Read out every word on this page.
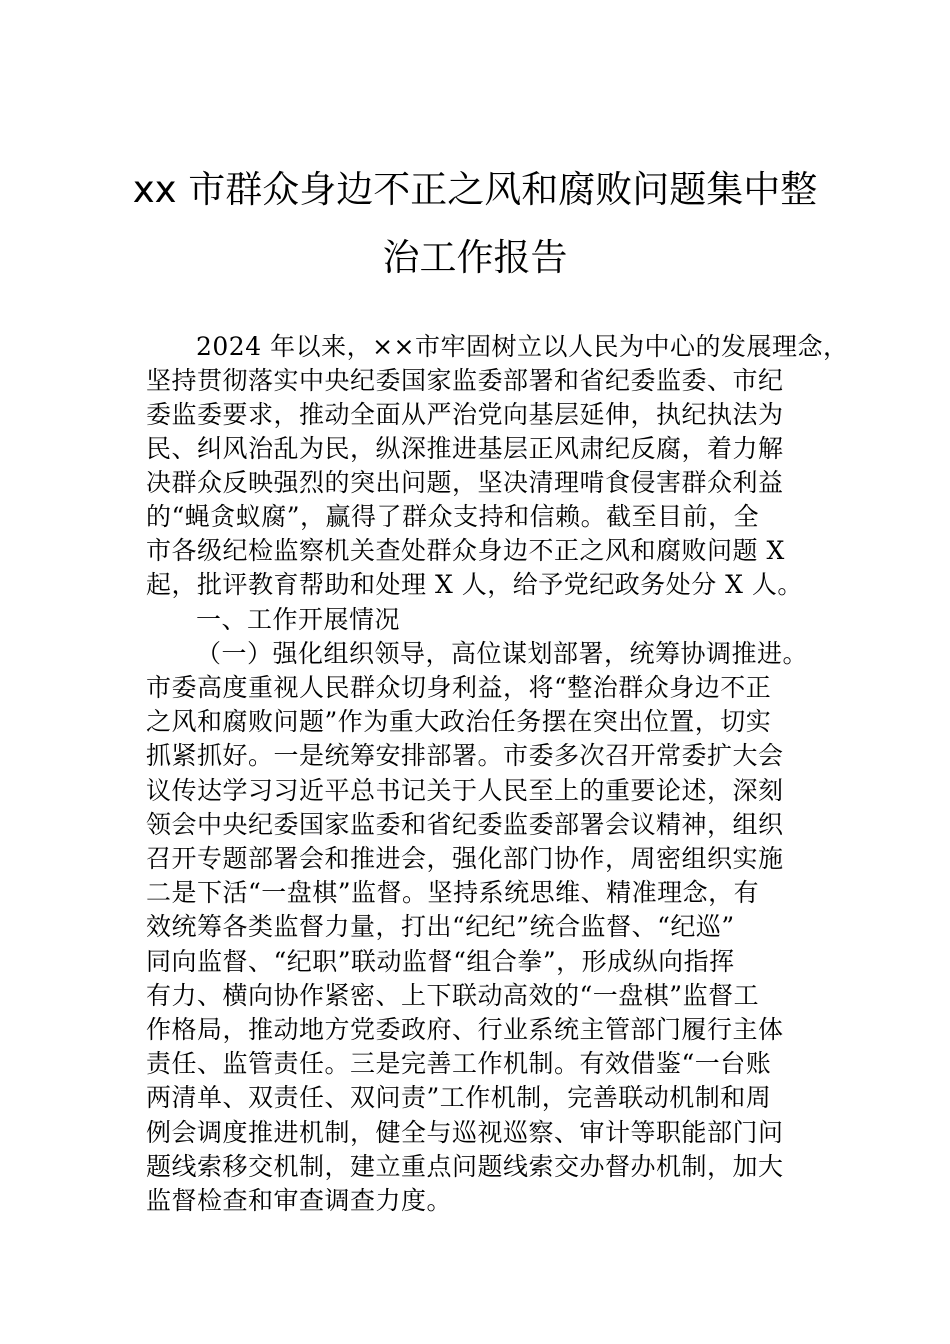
xx 市群众身边不正之风和腐败问题集中整
治工作报告
2024 年以来，××市牢固树立以人民为中心的发展理念，
坚持贯彻落实中央纪委国家监委部署和省纪委监委、市纪
委监委要求，推动全面从严治党向基层延伸，执纪执法为
民、纠风治乱为民，纵深推进基层正风肃纪反腐，着力解
决群众反映强烈的突出问题，坚决清理啃食侵害群众利益
的“蝇贪蚁腐”，赢得了群众支持和信赖。截至目前，全
市各级纪检监察机关查处群众身边不正之风和腐败问题 X
起，批评教育帮助和处理 X 人，给予党纪政务处分 X 人。
一、工作开展情况
（一）强化组织领导，高位谋划部署，统筹协调推进。
市委高度重视人民群众切身利益，将“整治群众身边不正
之风和腐败问题”作为重大政治任务摆在突出位置，切实
抓紧抓好。一是统筹安排部署。市委多次召开常委扩大会
议传达学习习近平总书记关于人民至上的重要论述，深刻
领会中央纪委国家监委和省纪委监委部署会议精神，组织
召开专题部署会和推进会，强化部门协作，周密组织实施
二是下活“一盘棋”监督。坚持系统思维、精准理念，有
效统筹各类监督力量，打出“纪纪”统合监督、“纪巡”
同向监督、“纪职”联动监督“组合拳”，形成纵向指挥
有力、横向协作紧密、上下联动高效的“一盘棋”监督工
作格局，推动地方党委政府、行业系统主管部门履行主体
责任、监管责任。三是完善工作机制。有效借鉴“一台账
两清单、双责任、双问责”工作机制，完善联动机制和周
例会调度推进机制，健全与巡视巡察、审计等职能部门问
题线索移交机制，建立重点问题线索交办督办机制，加大
监督检查和审查调查力度。
